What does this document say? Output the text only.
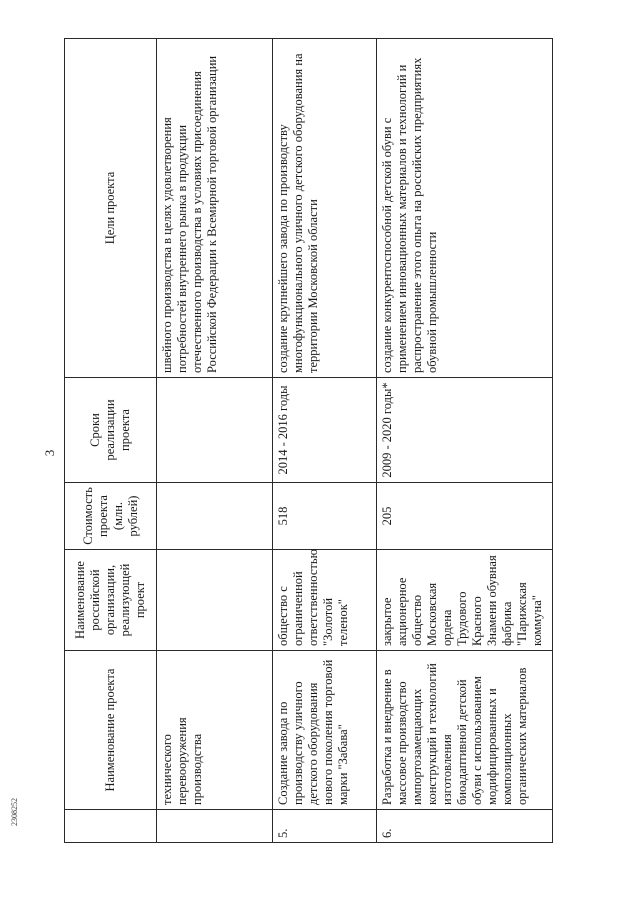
3
	Наименование проекта	Наименование российской организации, реализующей проект	Стоимость проекта (млн. рублей)	Сроки реализации проекта	Цели проекта
	технического перевооружения производства				швейного производства в целях удовлетворения потребностей внутреннего рынка в продукции отечественного производства в условиях присоединения Российской Федерации к Всемирной торговой организации
5.	Создание завода по производству уличного детского оборудования нового поколения торговой марки "Забава"	общество с ограниченной ответственностью "Золотой теленок"	518	2014 - 2016 годы	создание крупнейшего завода по производству многофункционального уличного детского оборудования на территории Московской области
6.	Разработка и внедрение в массовое производство импортозамещающих конструкций и технологий изготовления биоадаптивной детской обуви с использованием модифицированных и композиционных органических материалов	закрытое акционерное общество Московская ордена Трудового Красного Знамени обувная фабрика "Парижская коммуна"	205	2009 - 2020 годы*	создание конкурентоспособной детской обуви с применением инновационных материалов и технологий и распространение этого опыта на российских предприятиях обувной промышленности
2308252
